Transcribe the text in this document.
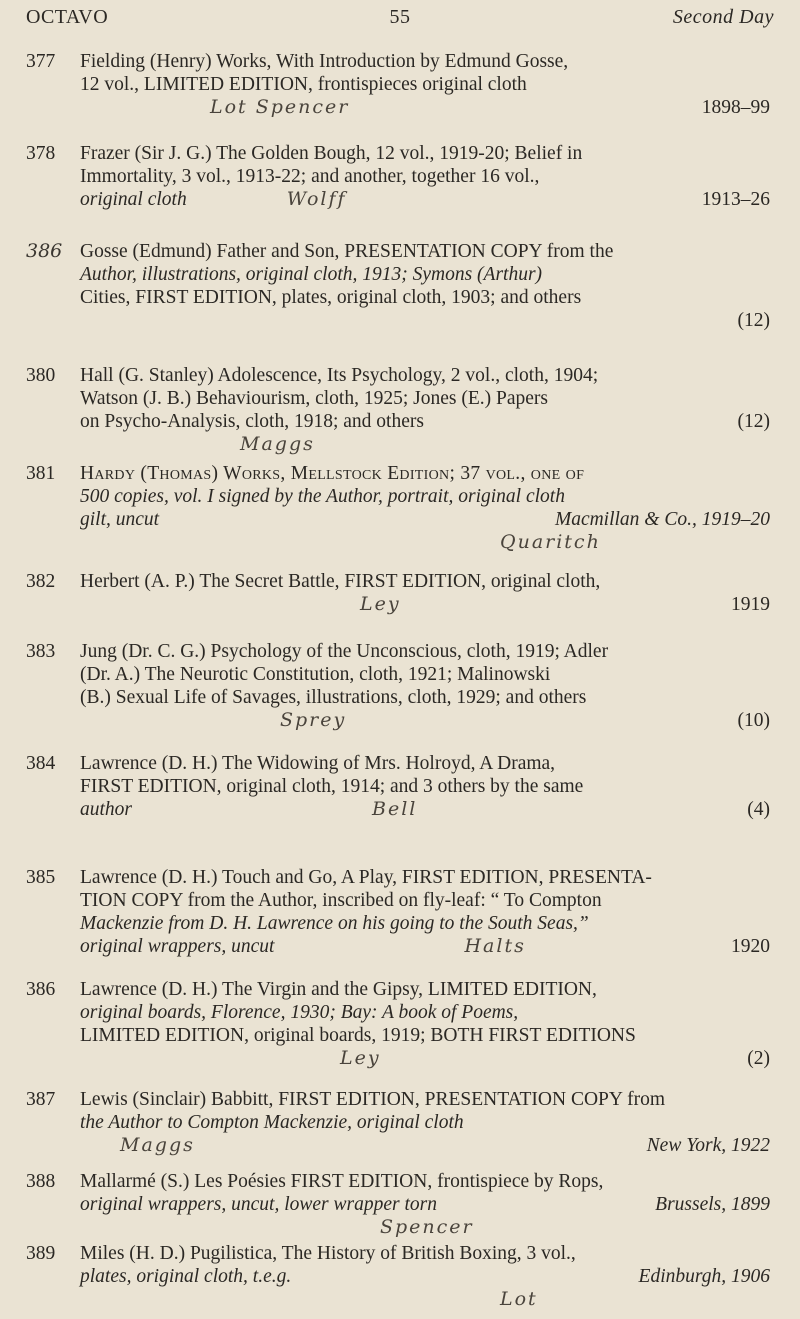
OCTAVO	55	Second Day
377	Fielding (Henry) Works, With Introduction by Edmund Gosse,
12 vol., LIMITED EDITION, frontispieces original cloth
Lot Spencer	1898–99
378	Frazer (Sir J. G.) The Golden Bough, 12 vol., 1919-20; Belief in
Immortality, 3 vol., 1913-22; and another, together 16 vol.,
original cloth	Wolff	1913–26
386 Gosse (Edmund) Father and Son, PRESENTATION COPY from the
Author, illustrations, original cloth, 1913; Symons (Arthur)
Cities, FIRST EDITION, plates, original cloth, 1903; and others
(12)
380	Hall (G. Stanley) Adolescence, Its Psychology, 2 vol., cloth, 1904;
Watson (J. B.) Behaviourism, cloth, 1925; Jones (E.) Papers
on Psycho-Analysis, cloth, 1918; and others	(12)
Maggs
381	Hardy (Thomas) Works, Mellstock Edition; 37 vol., one of
500 copies, vol. I signed by the Author, portrait, original cloth
gilt, uncut	Macmillan & Co., 1919–20
Quaritch
382	Herbert (A. P.) The Secret Battle, FIRST EDITION, original cloth,
Ley	1919
383	Jung (Dr. C. G.) Psychology of the Unconscious, cloth, 1919; Adler
(Dr. A.) The Neurotic Constitution, cloth, 1921; Malinowski
(B.) Sexual Life of Savages, illustrations, cloth, 1929; and others
Sprey	(10)
384	Lawrence (D. H.) The Widowing of Mrs. Holroyd, A Drama,
FIRST EDITION, original cloth, 1914; and 3 others by the same
author	Bell	(4)
385	Lawrence (D. H.) Touch and Go, A Play, FIRST EDITION, PRESENTA-
TION COPY from the Author, inscribed on fly-leaf: “ To Compton
Mackenzie from D. H. Lawrence on his going to the South Seas,”
original wrappers, uncut	Halts	1920
386	Lawrence (D. H.) The Virgin and the Gipsy, LIMITED EDITION,
original boards, Florence, 1930; Bay: A book of Poems,
LIMITED EDITION, original boards, 1919; BOTH FIRST EDITIONS
Ley	(2)
387	Lewis (Sinclair) Babbitt, FIRST EDITION, PRESENTATION COPY from
the Author to Compton Mackenzie, original cloth
Maggs	New York, 1922
388	Mallarmé (S.) Les Poésies FIRST EDITION, frontispiece by Rops,
original wrappers, uncut, lower wrapper torn	Brussels, 1899
Spencer
389	Miles (H. D.) Pugilistica, The History of British Boxing, 3 vol.,
plates, original cloth, t.e.g.	Edinburgh, 1906
Lot
